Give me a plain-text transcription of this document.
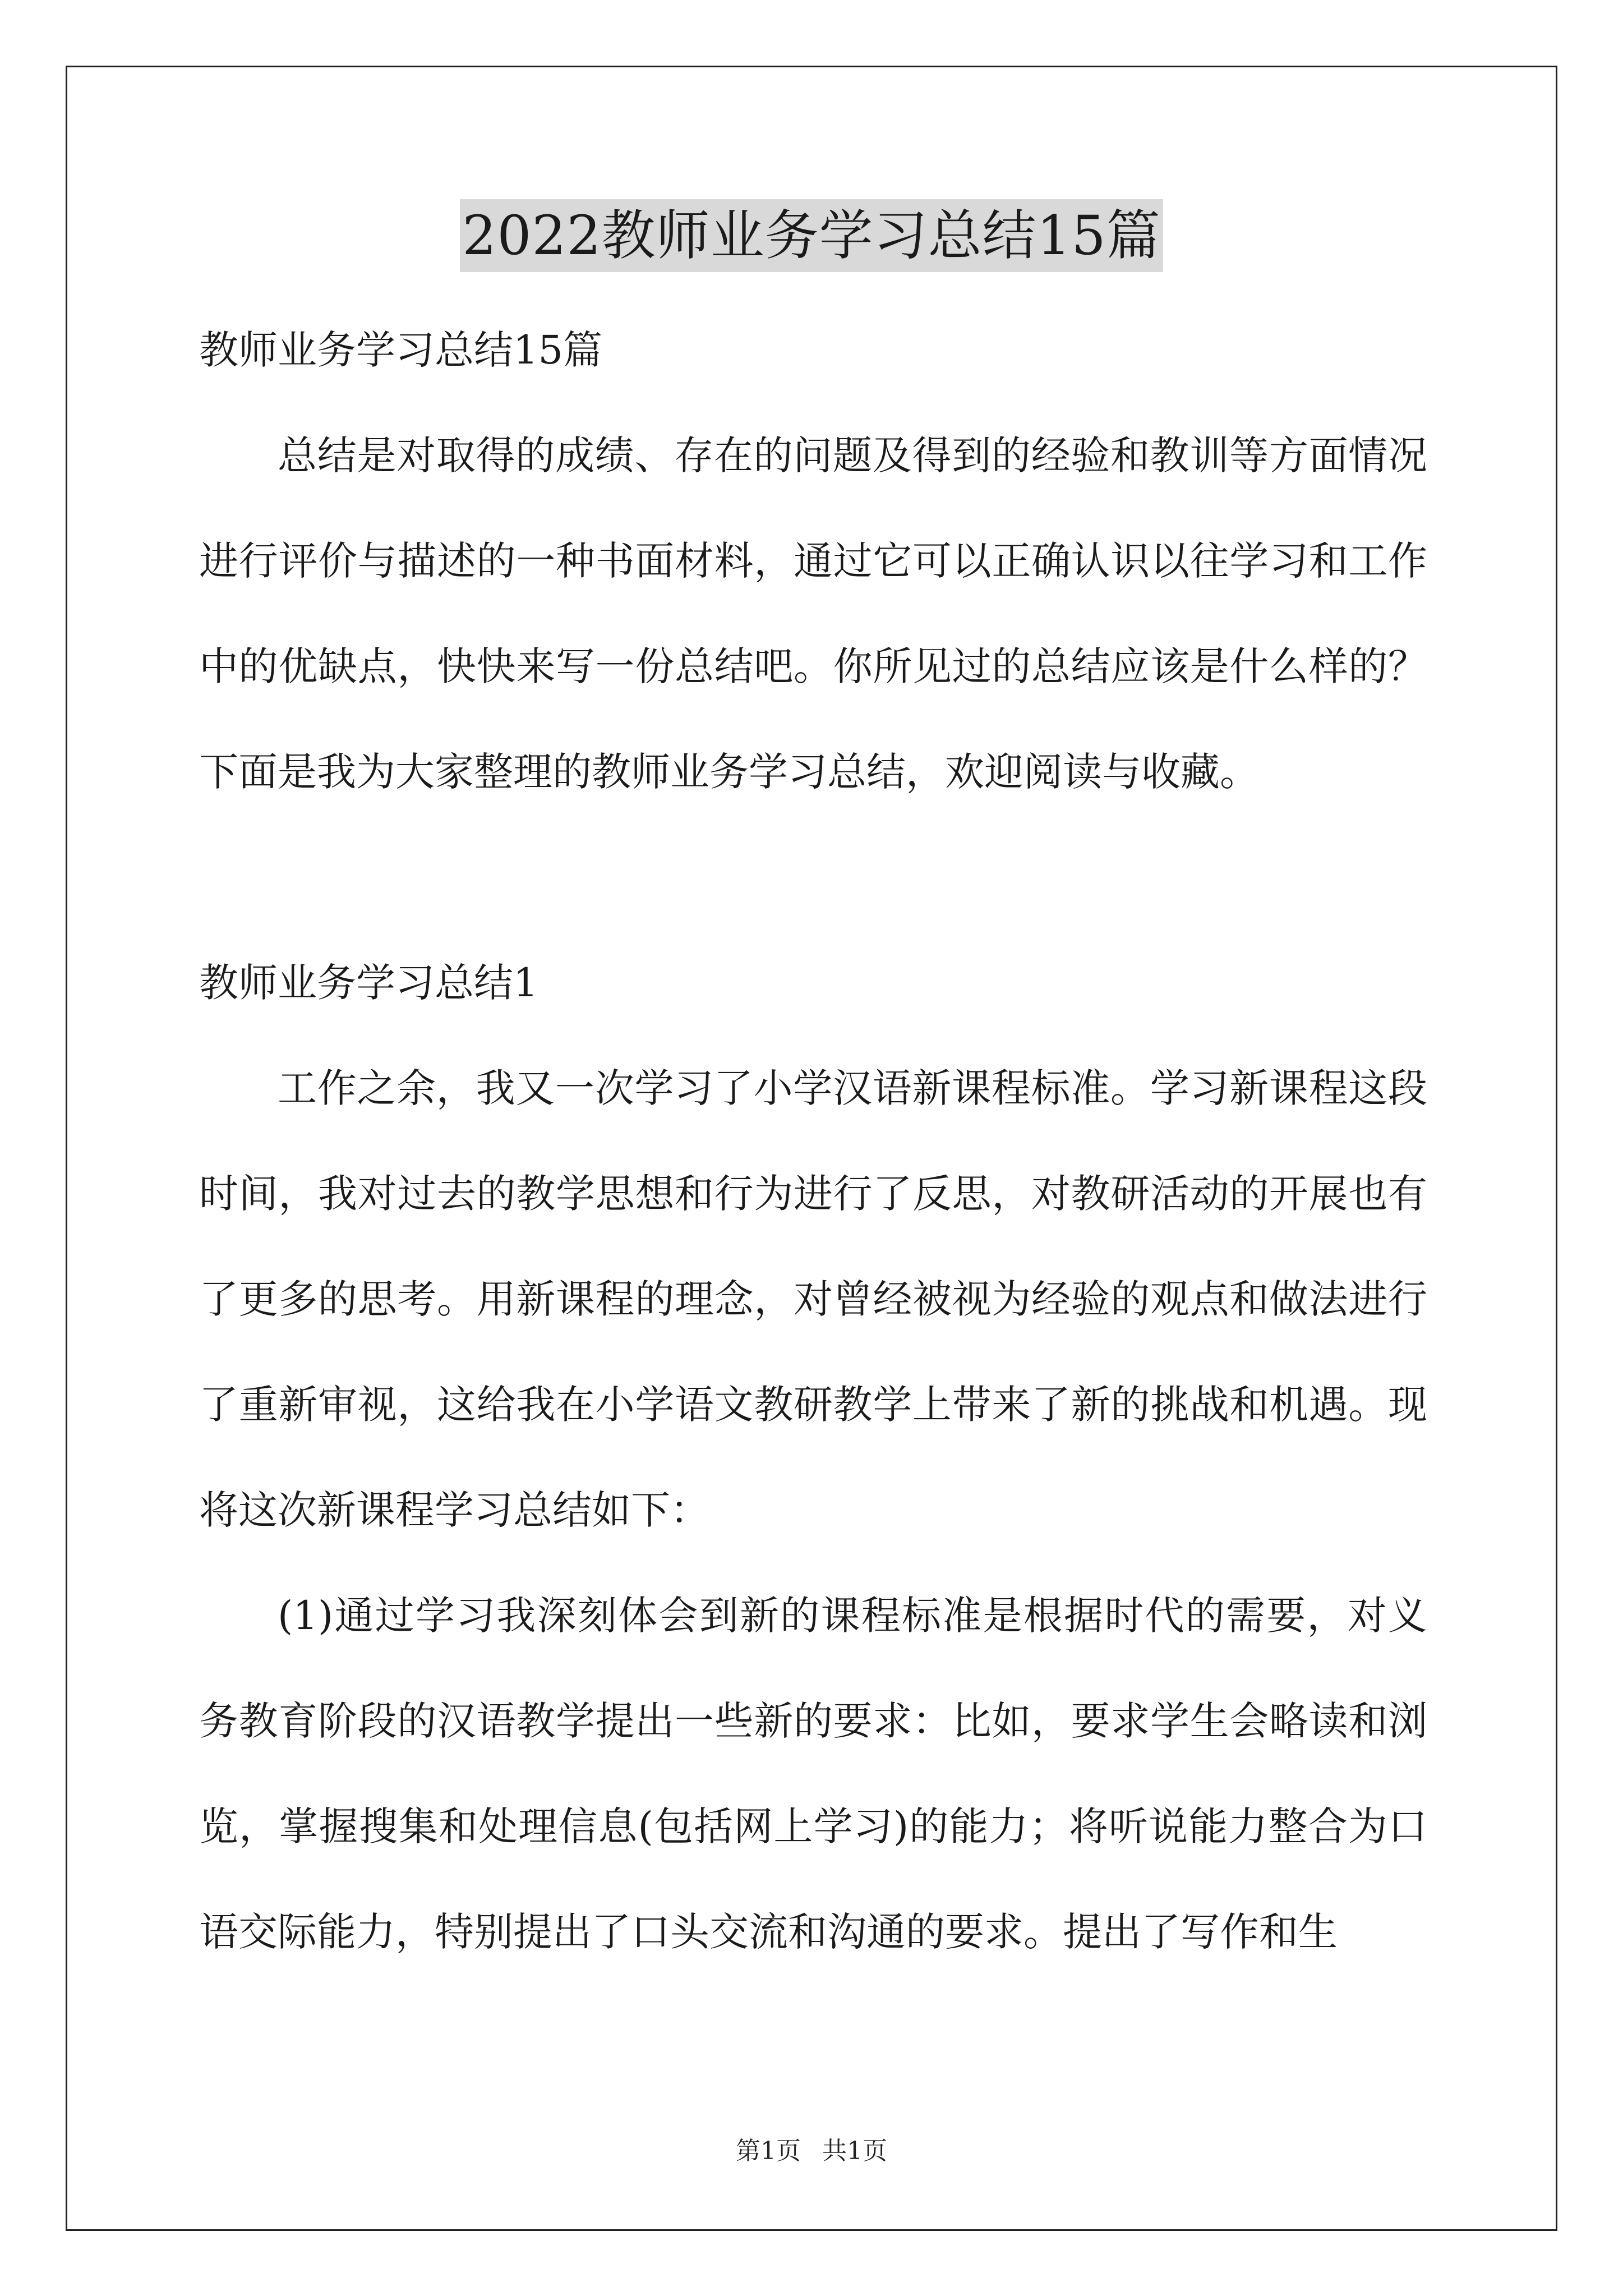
2022教师业务学习总结15篇

教师业务学习总结15篇

总结是对取得的成绩、存在的问题及得到的经验和教训等方面情况进行评价与描述的一种书面材料，通过它可以正确认识以往学习和工作中的优缺点，快快来写一份总结吧。你所见过的总结应该是什么样的？下面是我为大家整理的教师业务学习总结，欢迎阅读与收藏。

教师业务学习总结1

工作之余，我又一次学习了小学汉语新课程标准。学习新课程这段时间，我对过去的教学思想和行为进行了反思，对教研活动的开展也有了更多的思考。用新课程的理念，对曾经被视为经验的观点和做法进行了重新审视，这给我在小学语文教研教学上带来了新的挑战和机遇。现将这次新课程学习总结如下：

(1)通过学习我深刻体会到新的课程标准是根据时代的需要，对义务教育阶段的汉语教学提出一些新的要求：比如，要求学生会略读和浏览，掌握搜集和处理信息(包括网上学习)的能力；将听说能力整合为口语交际能力，特别提出了口头交流和沟通的要求。提出了写作和生

第1页 共1页
